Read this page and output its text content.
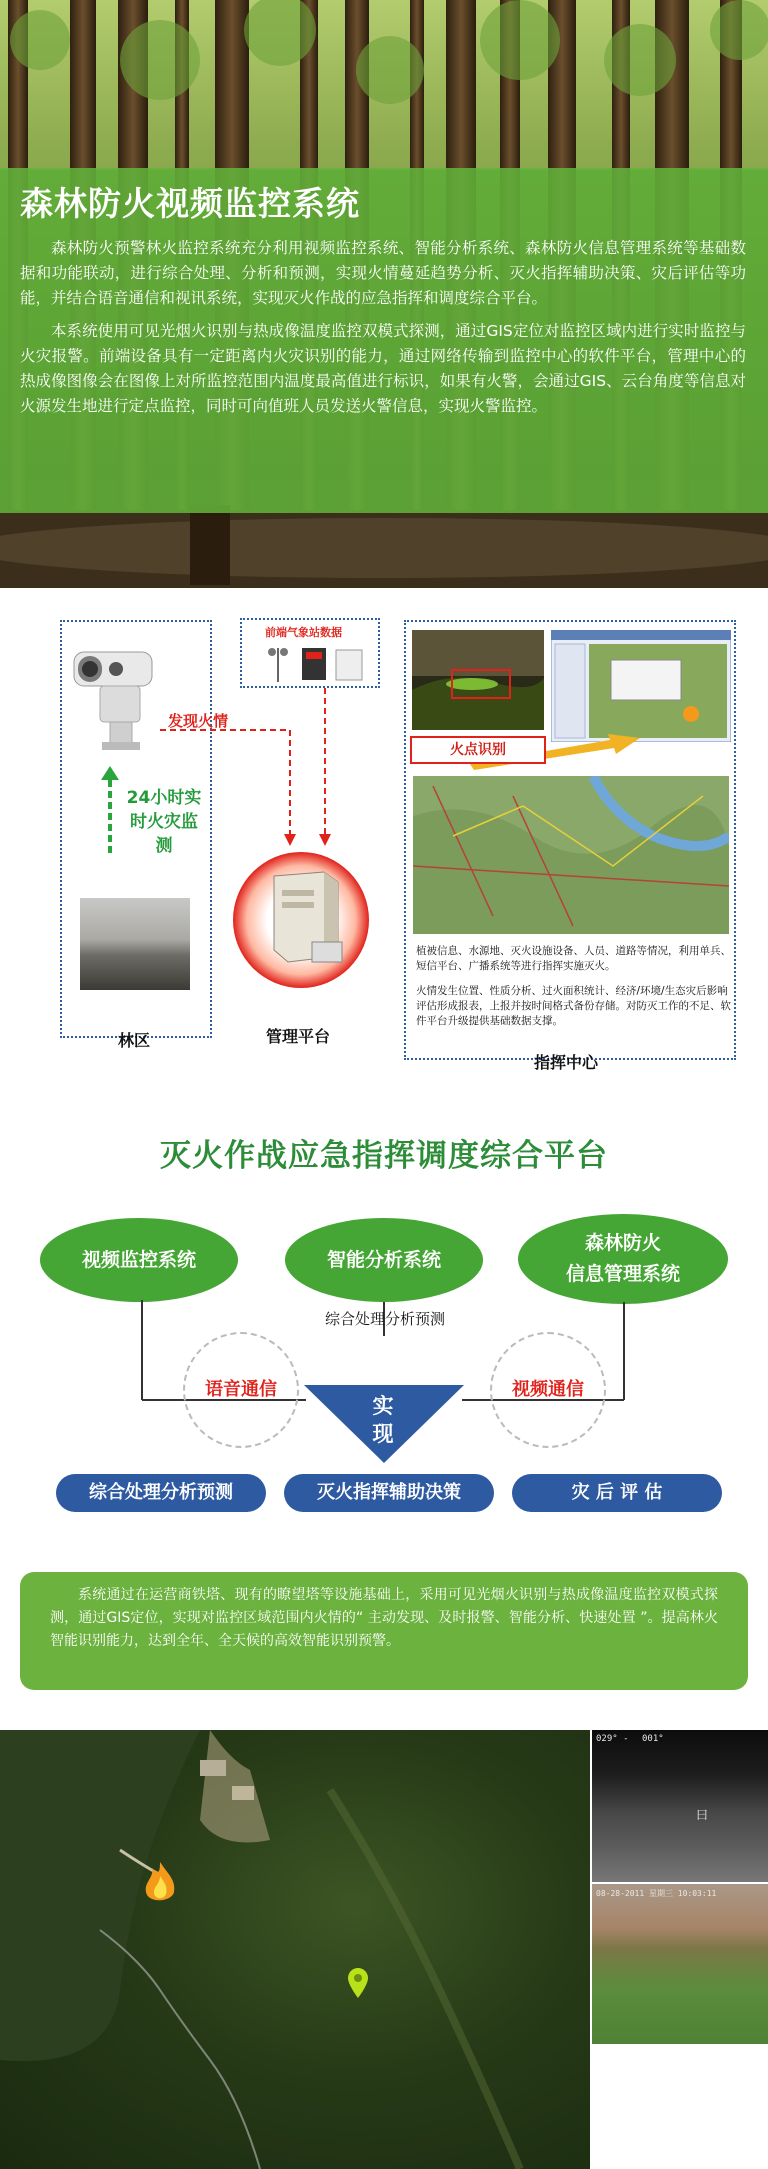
森林防火视频监控系统

森林防火预警林火监控系统充分利用视频监控系统、智能分析系统、森林防火信息管理系统等基础数据和功能联动，进行综合处理、分析和预测，实现火情蔓延趋势分析、灭火指挥辅助决策、灾后评估等功能，并结合语音通信和视讯系统，实现灭火作战的应急指挥和调度综合平台。

本系统使用可见光烟火识别与热成像温度监控双模式探测，通过GIS定位对监控区域内进行实时监控与火灾报警。前端设备具有一定距离内火灾识别的能力，通过网络传输到监控中心的软件平台，管理中心的热成像图像会在图像上对所监控范围内温度最高值进行标识，如果有火警，会通过GIS、云台角度等信息对火源发生地进行定点监控，同时可向值班人员发送火警信息，实现火警监控。

24小时实
时火灾监
测
林区
前端气象站数据
发现火情
管理平台
火点识别
植被信息、水源地、灭火设施设备、人员、道路等情况，利用单兵、短信平台、广播系统等进行指挥实施灭火。
火情发生位置、性质分析、过火面积统计、经济/环境/生态灾后影响评估形成报表，上报并按时间格式备份存储。对防灭工作的不足、软件平台升级提供基础数据支撑。
指挥中心
灭火作战应急指挥调度综合平台
视频监控系统	智能分析系统
森林防火
信息管理系统
综合处理分析预测
语音通信	视频通信
实
现
综合处理分析预测	灭火指挥辅助决策	灾 后 评 估

系统通过在运营商铁塔、现有的瞭望塔等设施基础上，采用可见光烟火识别与热成像温度监控双模式探测，通过GIS定位，实现对监控区域范围内火情的“ 主动发现、及时报警、智能分析、快速处置 ”。提高林火智能识别能力，达到全年、全天候的高效智能识别预警。

029° - 001°
曰
08-28-2011 星期三 10:03:11
